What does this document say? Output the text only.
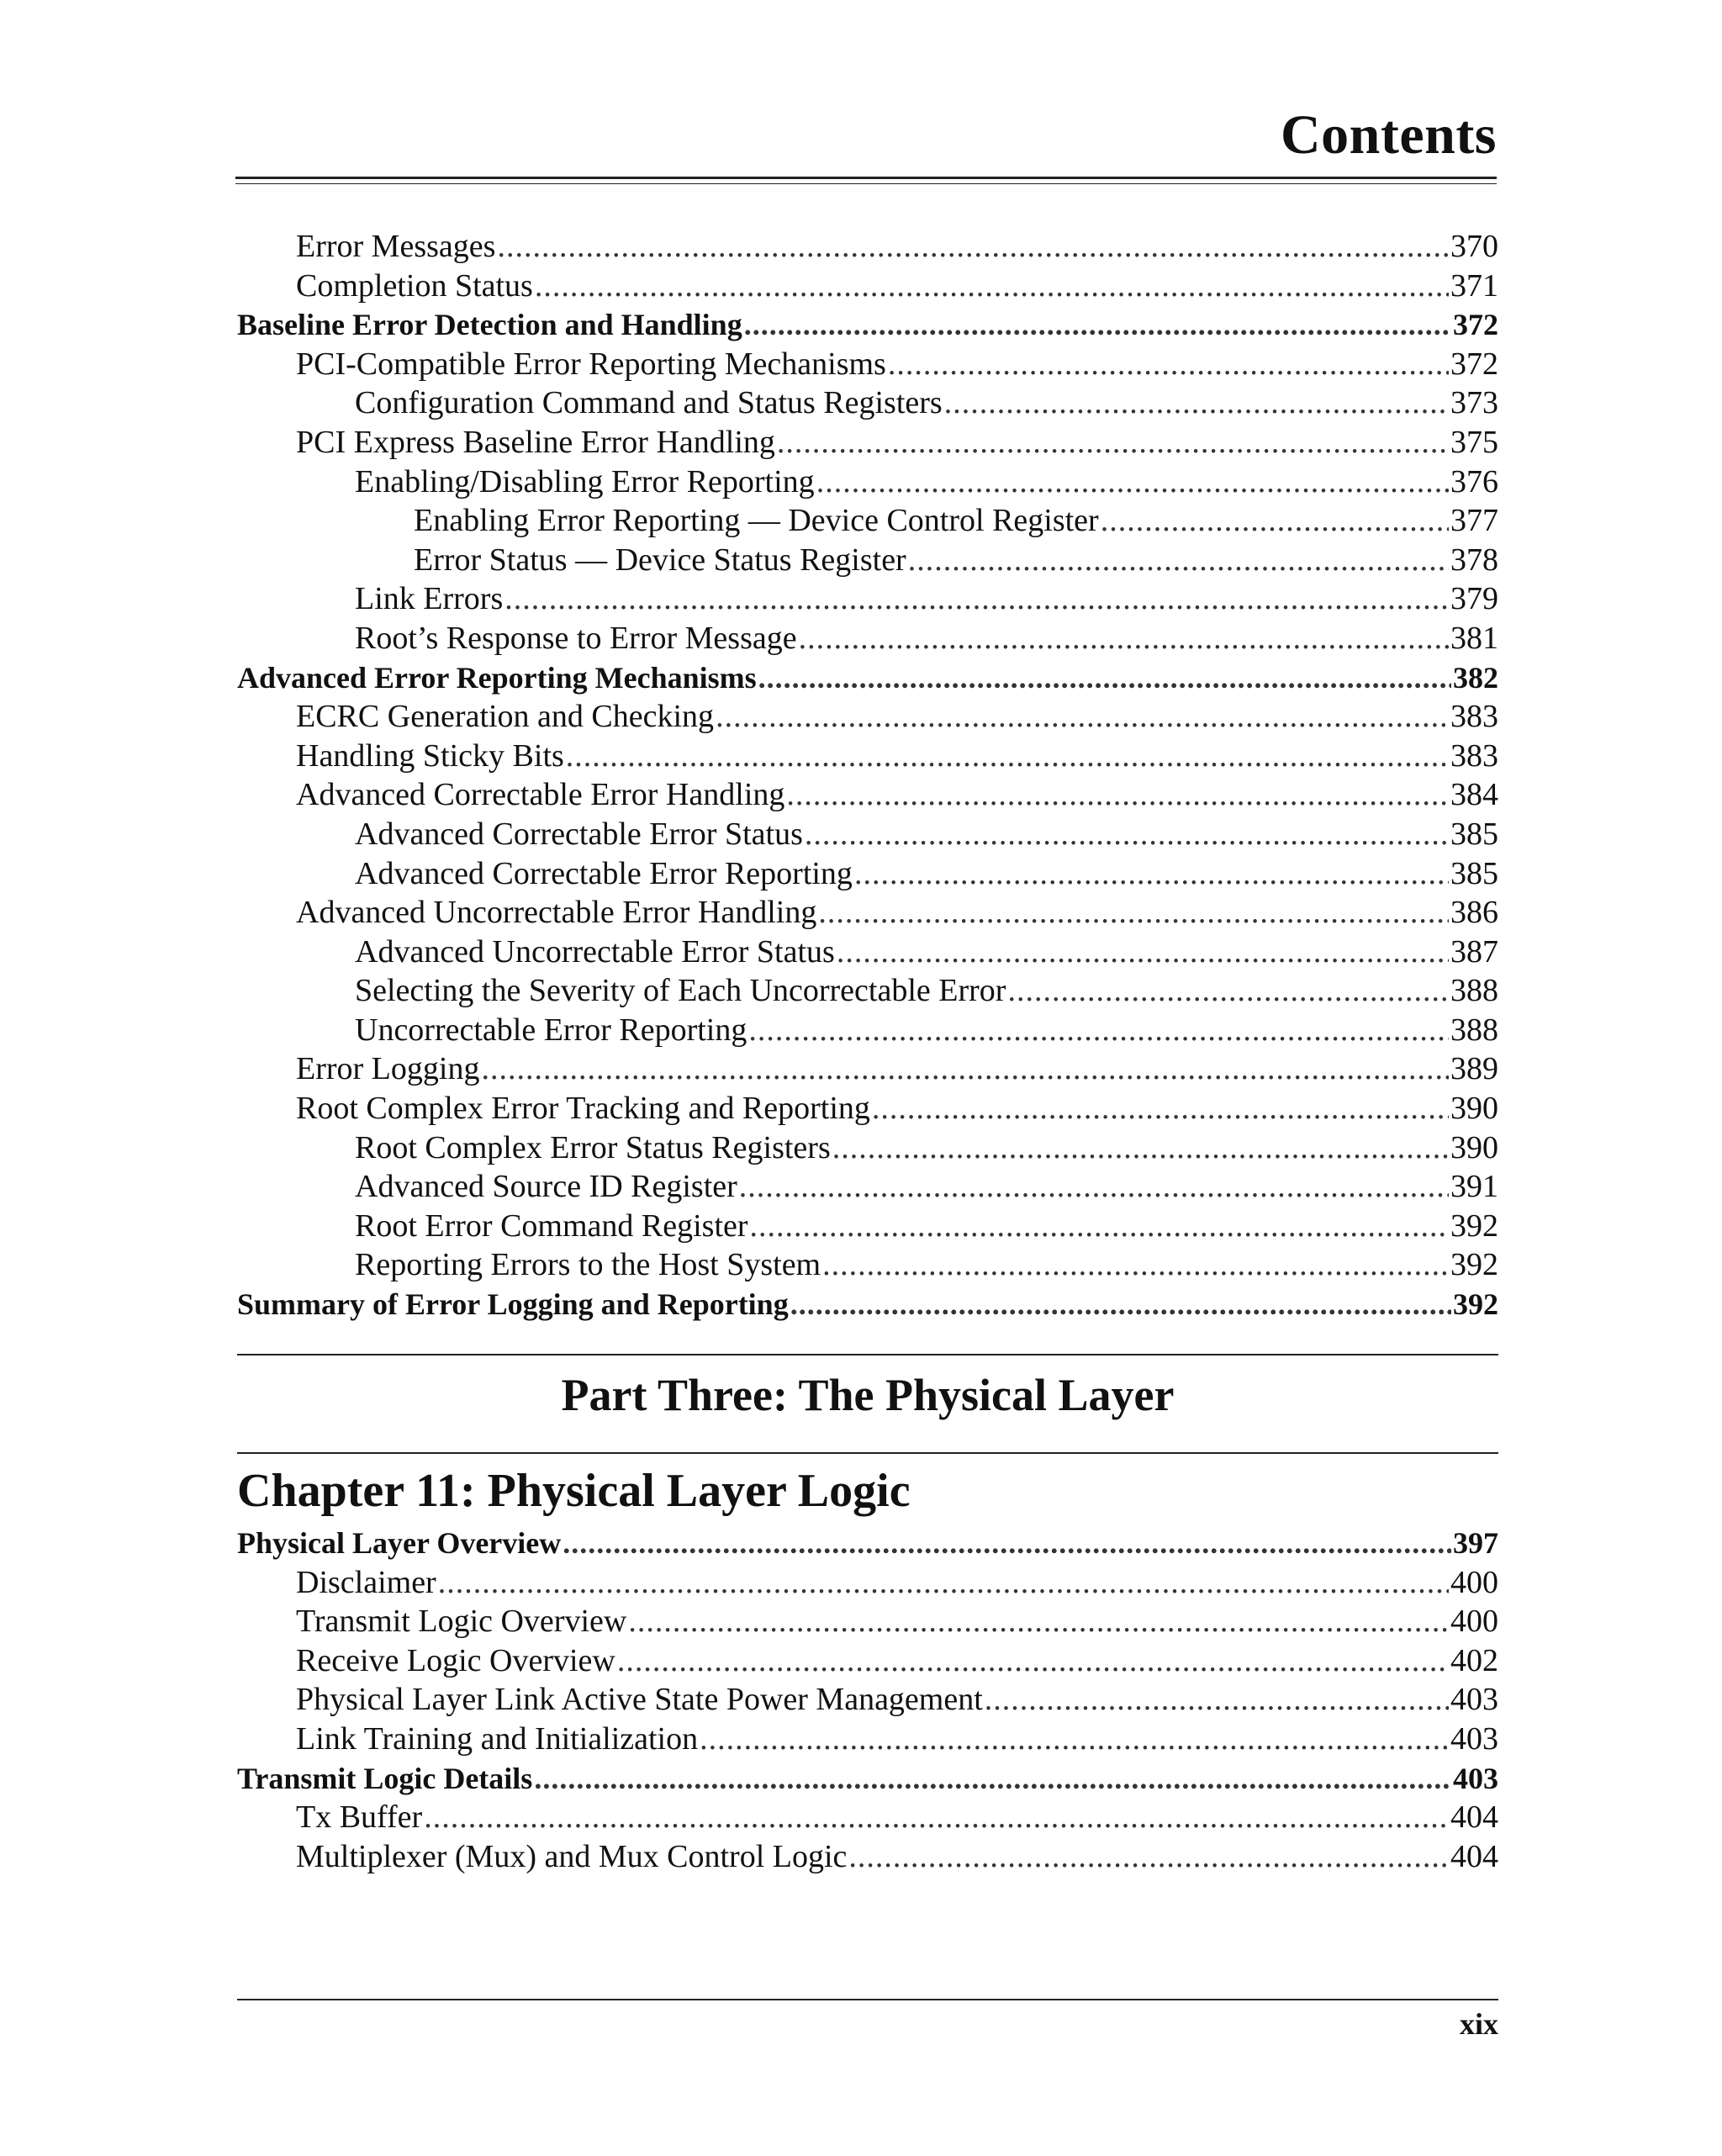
Contents
Error Messages .....	370
Completion Status .....	371
Baseline Error Detection and Handling .....	372
PCI-Compatible Error Reporting Mechanisms .....	372
Configuration Command and Status Registers .....	373
PCI Express Baseline Error Handling .....	375
Enabling/Disabling Error Reporting .....	376
Enabling Error Reporting — Device Control Register .....	377
Error Status — Device Status Register .....	378
Link Errors .....	379
Root’s Response to Error Message .....	381
Advanced Error Reporting Mechanisms .....	382
ECRC Generation and Checking .....	383
Handling Sticky Bits .....	383
Advanced Correctable Error Handling .....	384
Advanced Correctable Error Status .....	385
Advanced Correctable Error Reporting .....	385
Advanced Uncorrectable Error Handling .....	386
Advanced Uncorrectable Error Status .....	387
Selecting the Severity of Each Uncorrectable Error .....	388
Uncorrectable Error Reporting .....	388
Error Logging .....	389
Root Complex Error Tracking and Reporting .....	390
Root Complex Error Status Registers .....	390
Advanced Source ID Register .....	391
Root Error Command Register .....	392
Reporting Errors to the Host System .....	392
Summary of Error Logging and Reporting .....	392
Part Three: The Physical Layer
Chapter 11: Physical Layer Logic
Physical Layer Overview .....	397
Disclaimer .....	400
Transmit Logic Overview .....	400
Receive Logic Overview .....	402
Physical Layer Link Active State Power Management .....	403
Link Training and Initialization .....	403
Transmit Logic Details .....	403
Tx Buffer .....	404
Multiplexer (Mux) and Mux Control Logic .....	404
xix
